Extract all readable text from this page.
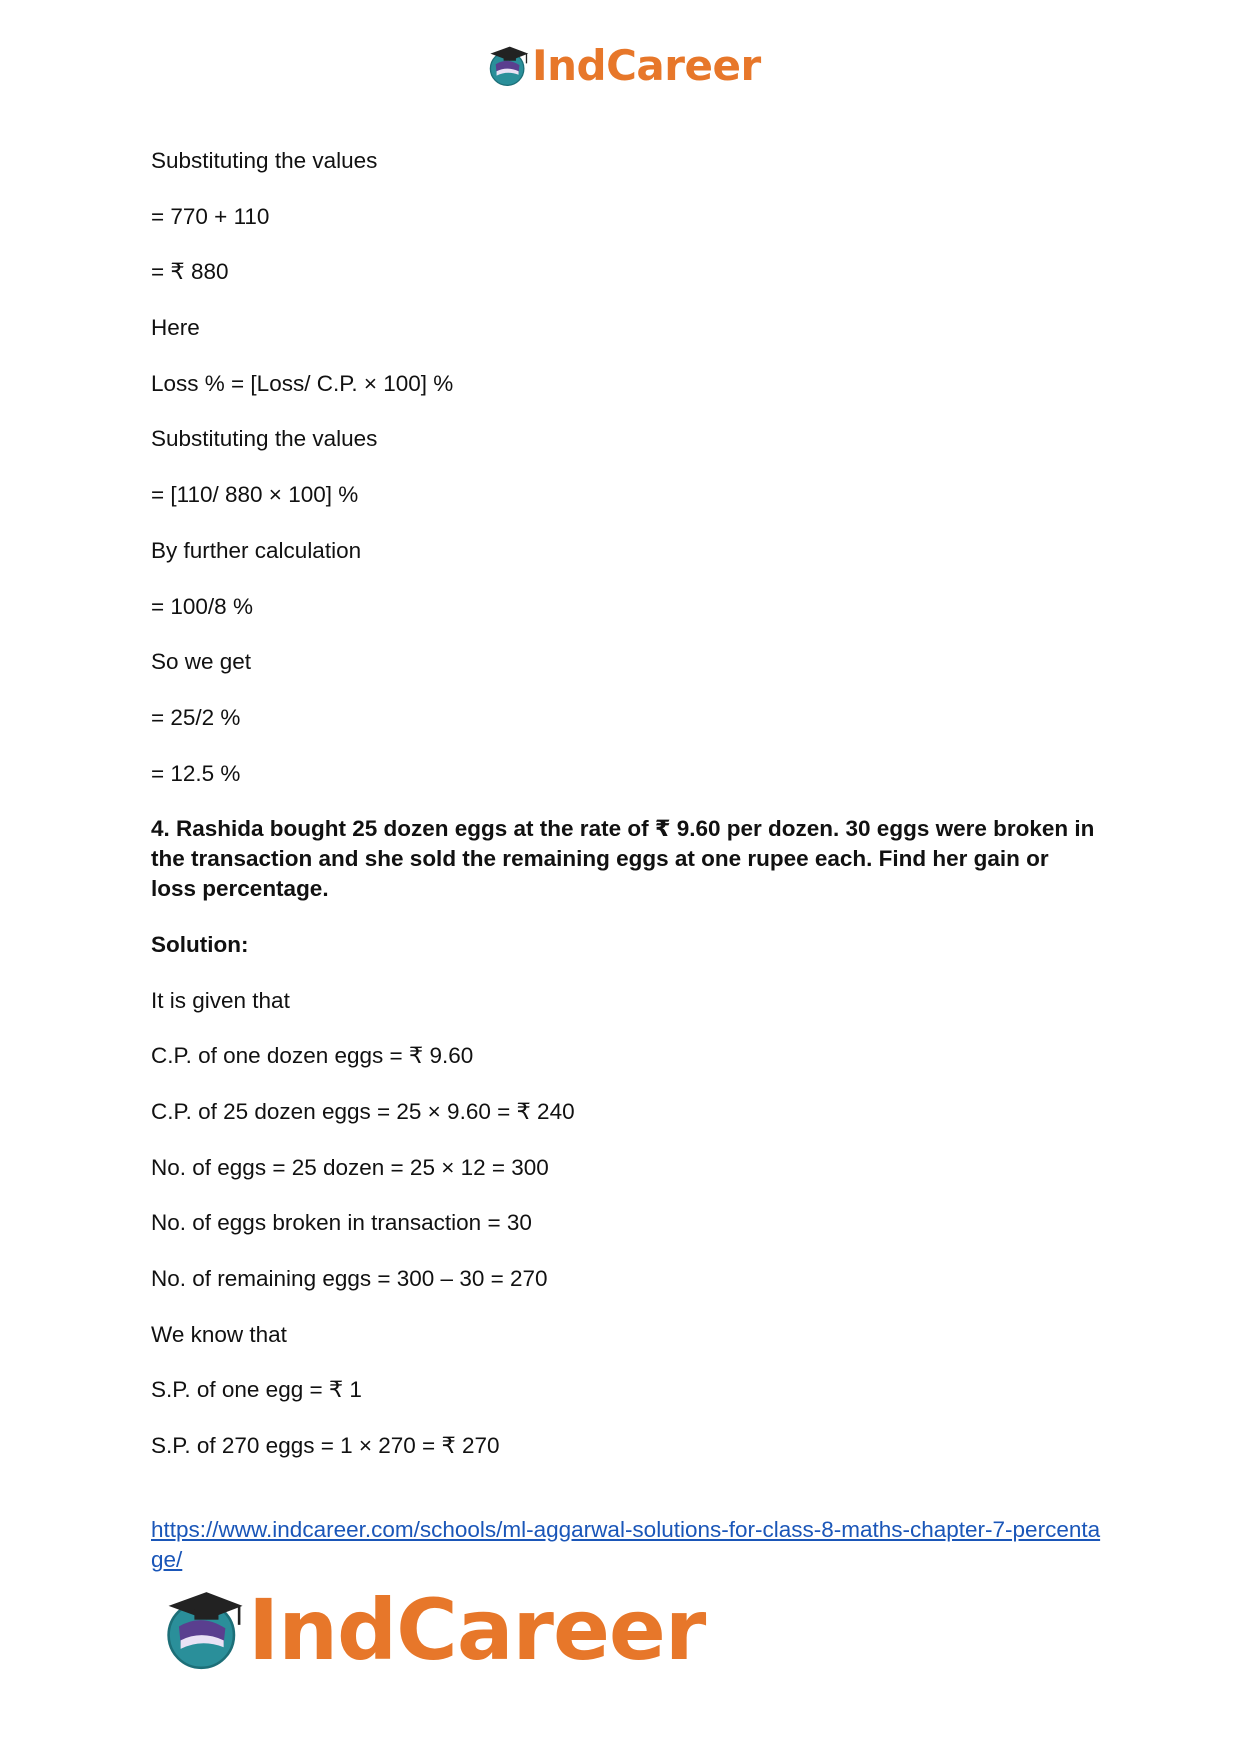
IndCareer
Substituting the values
= 770 + 110
= ₹ 880
Here
Loss % = [Loss/ C.P. × 100] %
Substituting the values
= [110/ 880 × 100] %
By further calculation
= 100/8 %
So we get
= 25/2 %
= 12.5 %
4. Rashida bought 25 dozen eggs at the rate of ₹ 9.60 per dozen. 30 eggs were broken in the transaction and she sold the remaining eggs at one rupee each. Find her gain or loss percentage.
Solution:
It is given that
C.P. of one dozen eggs = ₹ 9.60
C.P. of 25 dozen eggs = 25 × 9.60 = ₹ 240
No. of eggs = 25 dozen = 25 × 12 = 300
No. of eggs broken in transaction = 30
No. of remaining eggs = 300 – 30 = 270
We know that
S.P. of one egg = ₹ 1
S.P. of 270 eggs = 1 × 270 = ₹ 270
https://www.indcareer.com/schools/ml-aggarwal-solutions-for-class-8-maths-chapter-7-percentage/
IndCareer
